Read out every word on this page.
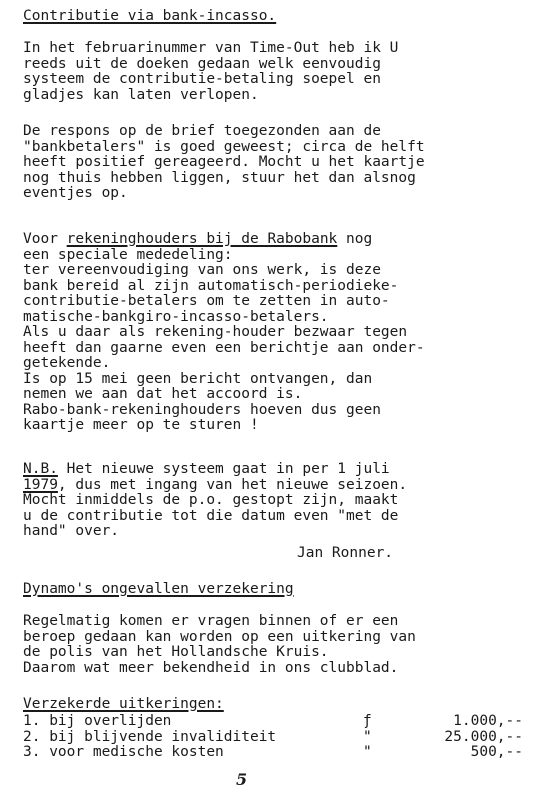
Contributie via bank-incasso.
In het februarinummer van Time-Out heb ik U
reeds uit de doeken gedaan welk eenvoudig
systeem de contributie-betaling soepel en
gladjes kan laten verlopen.
De respons op de brief toegezonden aan de
"bankbetalers" is goed geweest; circa de helft
heeft positief gereageerd. Mocht u het kaartje
nog thuis hebben liggen, stuur het dan alsnog
eventjes op.
Voor rekeninghouders bij de Rabobank nog
een speciale mededeling:
ter vereenvoudiging van ons werk, is deze
bank bereid al zijn automatisch-periodieke-
contributie-betalers om te zetten in auto-
matische-bankgiro-incasso-betalers.
Als u daar als rekening-houder bezwaar tegen
heeft dan gaarne even een berichtje aan onder-
getekende.
Is op 15 mei geen bericht ontvangen, dan
nemen we aan dat het accoord is.
Rabo-bank-rekeninghouders hoeven dus geen
kaartje meer op te sturen !
N.B. Het nieuwe systeem gaat in per 1 juli
1979, dus met ingang van het nieuwe seizoen.
Mocht inmiddels de p.o. gestopt zijn, maakt
u de contributie tot die datum even "met de
hand" over.
Jan Ronner.
Dynamo's ongevallen verzekering
Regelmatig komen er vragen binnen of er een
beroep gedaan kan worden op een uitkering van
de polis van het Hollandsche Kruis.
Daarom wat meer bekendheid in ons clubblad.
Verzekerde uitkeringen:
1. bij overlijden	ƒ	1.000,--
2. bij blijvende invaliditeit	"	25.000,--
3. voor medische kosten	"	500,--
5
